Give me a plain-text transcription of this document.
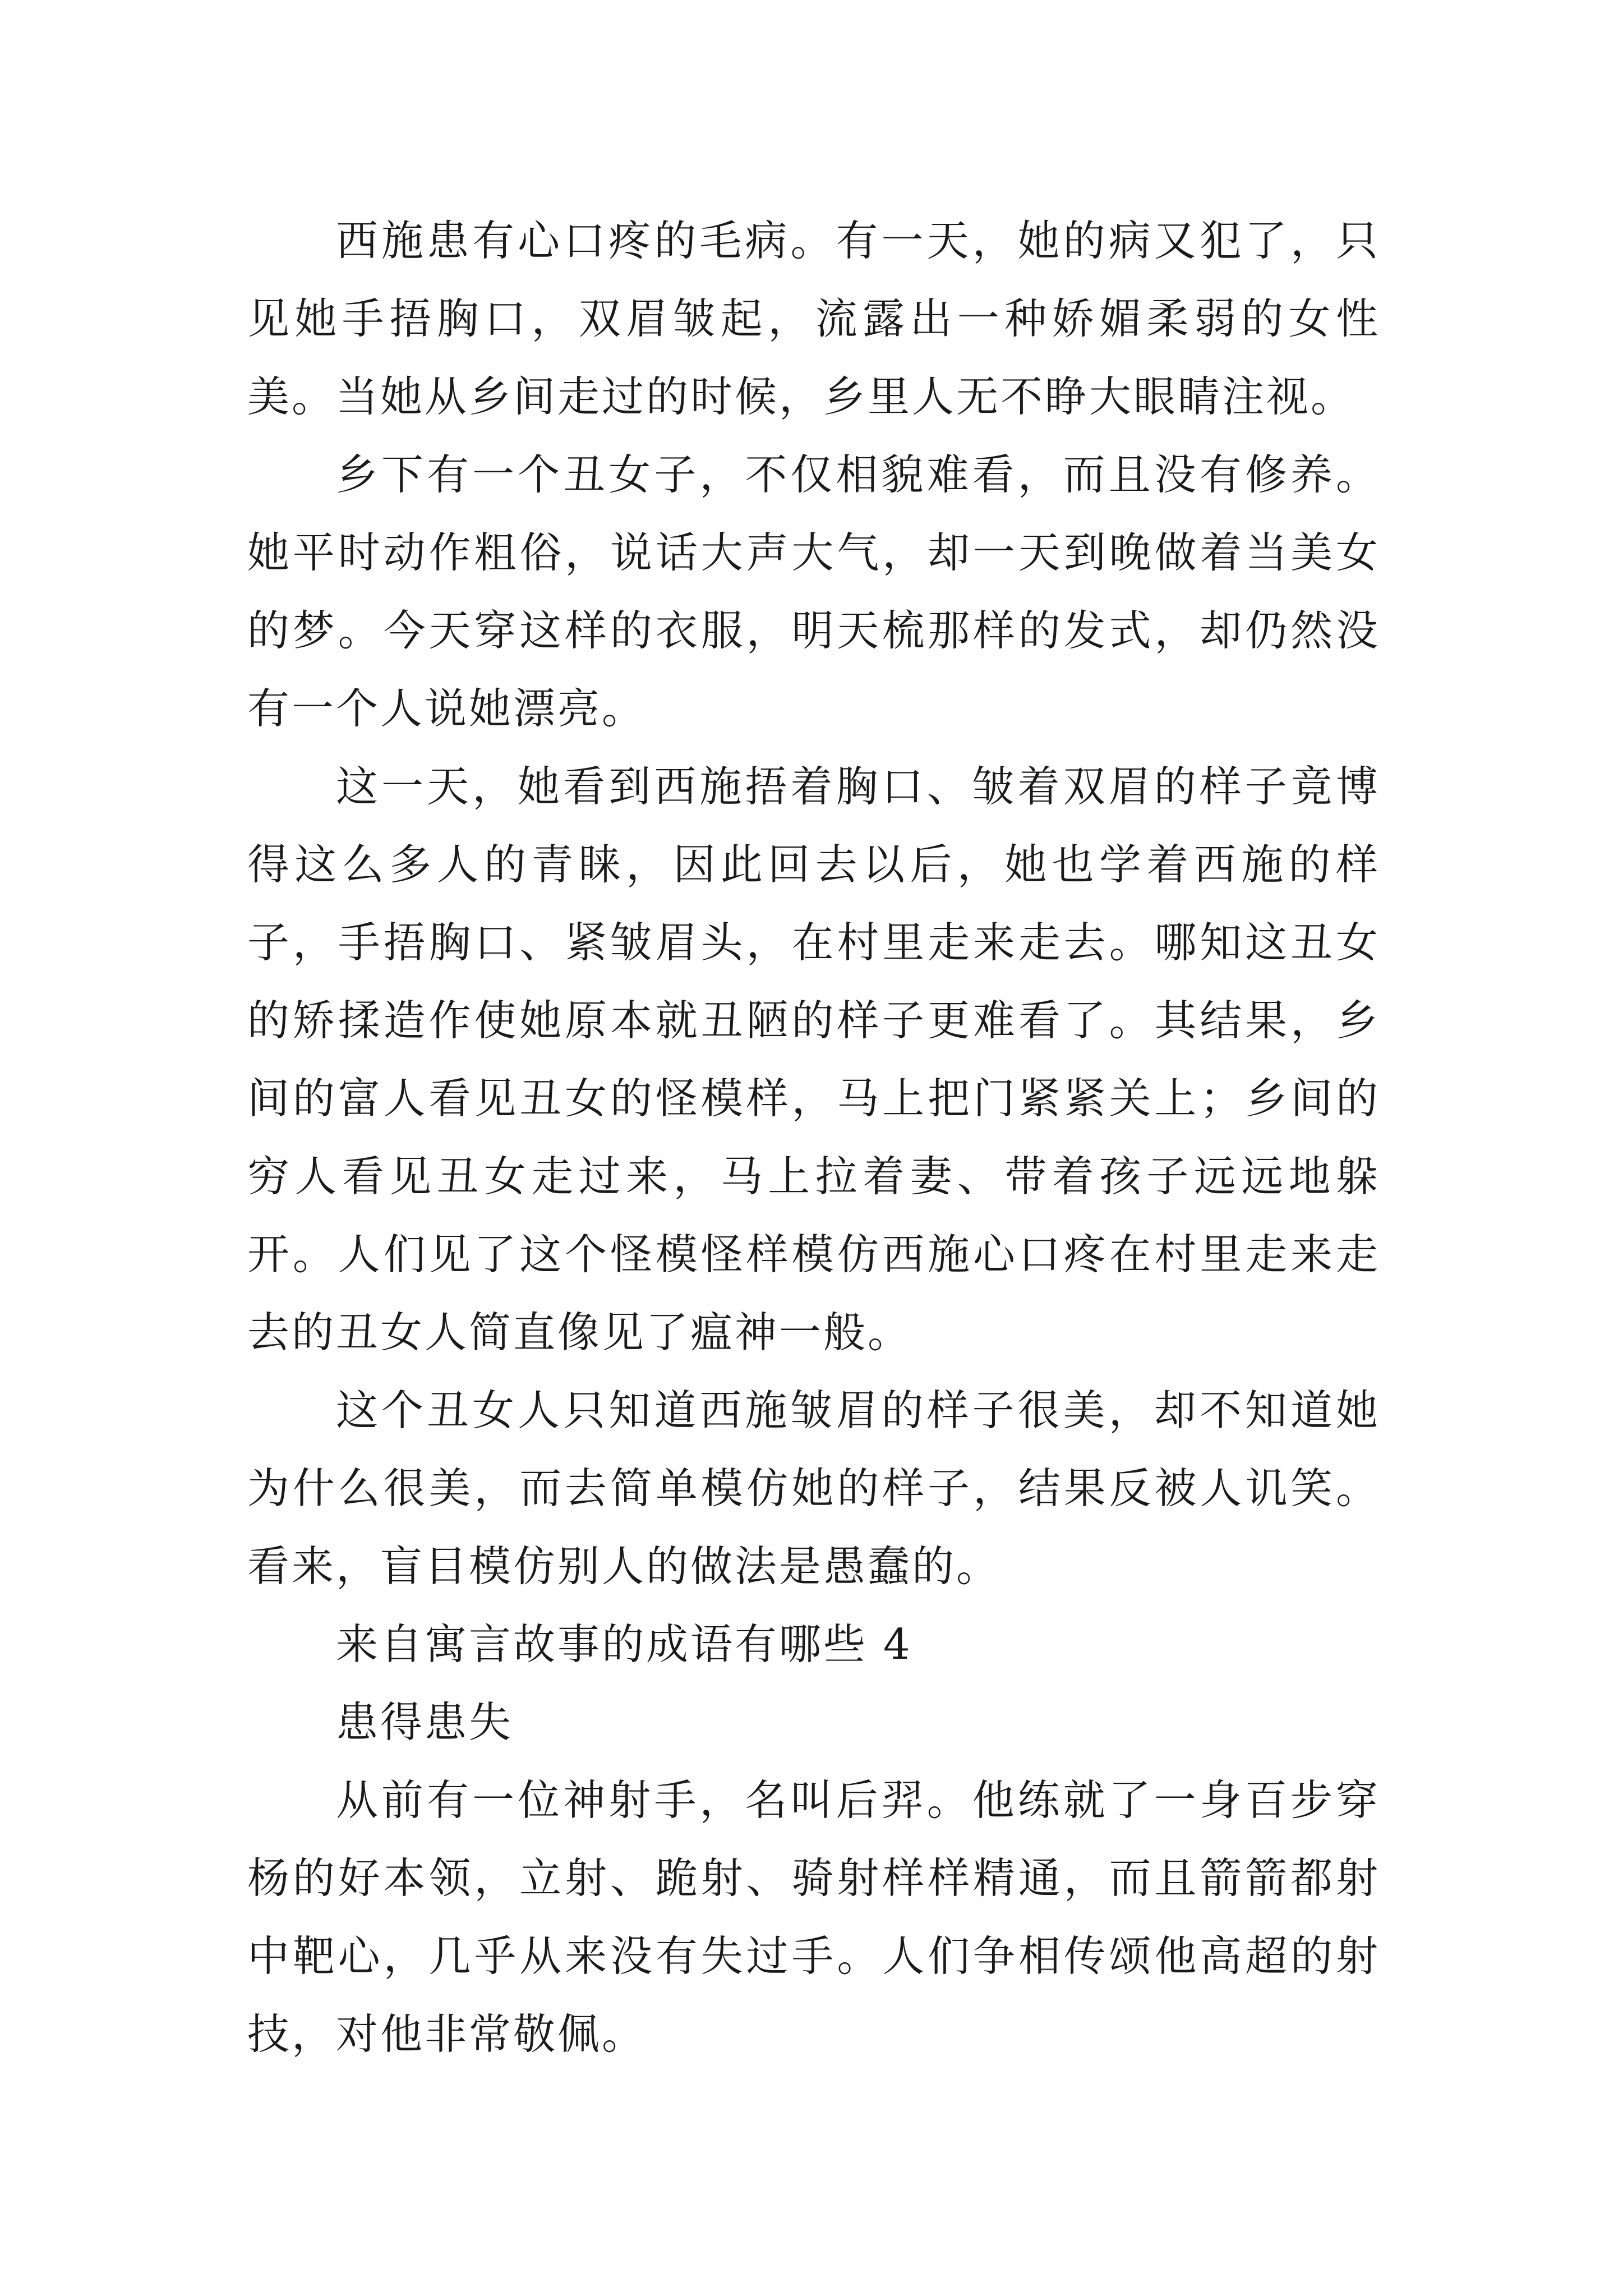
西施患有心口疼的毛病。有一天，她的病又犯了，只见她手捂胸口，双眉皱起，流露出一种娇媚柔弱的女性美。当她从乡间走过的时候，乡里人无不睁大眼睛注视。

乡下有一个丑女子，不仅相貌难看，而且没有修养。她平时动作粗俗，说话大声大气，却一天到晚做着当美女的梦。今天穿这样的衣服，明天梳那样的发式，却仍然没有一个人说她漂亮。

这一天，她看到西施捂着胸口、皱着双眉的样子竟博得这么多人的青睐，因此回去以后，她也学着西施的样子，手捂胸口、紧皱眉头，在村里走来走去。哪知这丑女的矫揉造作使她原本就丑陋的样子更难看了。其结果，乡间的富人看见丑女的怪模样，马上把门紧紧关上；乡间的穷人看见丑女走过来，马上拉着妻、带着孩子远远地躲开。人们见了这个怪模怪样模仿西施心口疼在村里走来走去的丑女人简直像见了瘟神一般。

这个丑女人只知道西施皱眉的样子很美，却不知道她为什么很美，而去简单模仿她的样子，结果反被人讥笑。看来，盲目模仿别人的做法是愚蠢的。

来自寓言故事的成语有哪些 4

患得患失

从前有一位神射手，名叫后羿。他练就了一身百步穿杨的好本领，立射、跪射、骑射样样精通，而且箭箭都射中靶心，几乎从来没有失过手。人们争相传颂他高超的射技，对他非常敬佩。
